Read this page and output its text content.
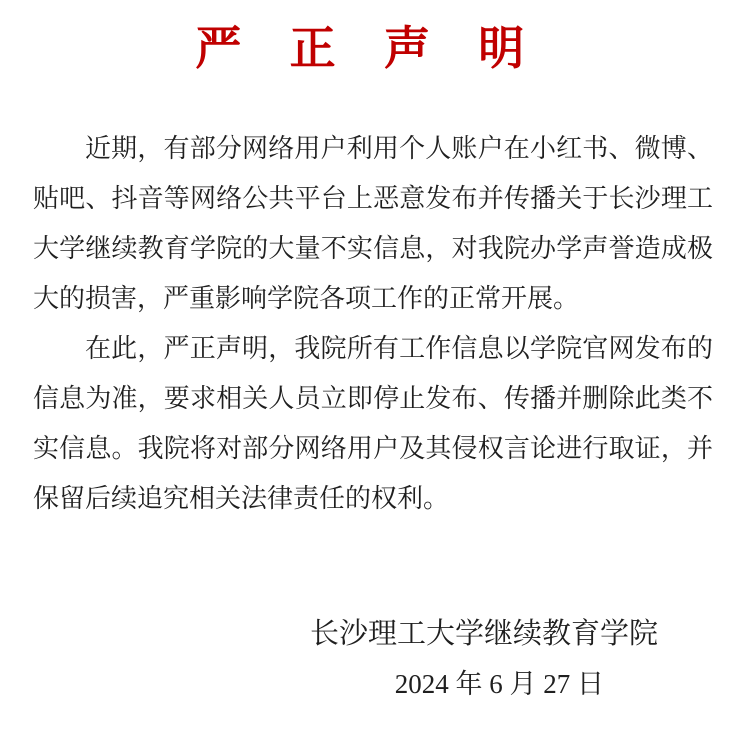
严 正 声 明

近期，有部分网络用户利用个人账户在小红书、微博、贴吧、抖音等网络公共平台上恶意发布并传播关于长沙理工大学继续教育学院的大量不实信息，对我院办学声誉造成极大的损害，严重影响学院各项工作的正常开展。

在此，严正声明，我院所有工作信息以学院官网发布的信息为准，要求相关人员立即停止发布、传播并删除此类不实信息。我院将对部分网络用户及其侵权言论进行取证，并保留后续追究相关法律责任的权利。

长沙理工大学继续教育学院
2024 年 6 月 27 日
